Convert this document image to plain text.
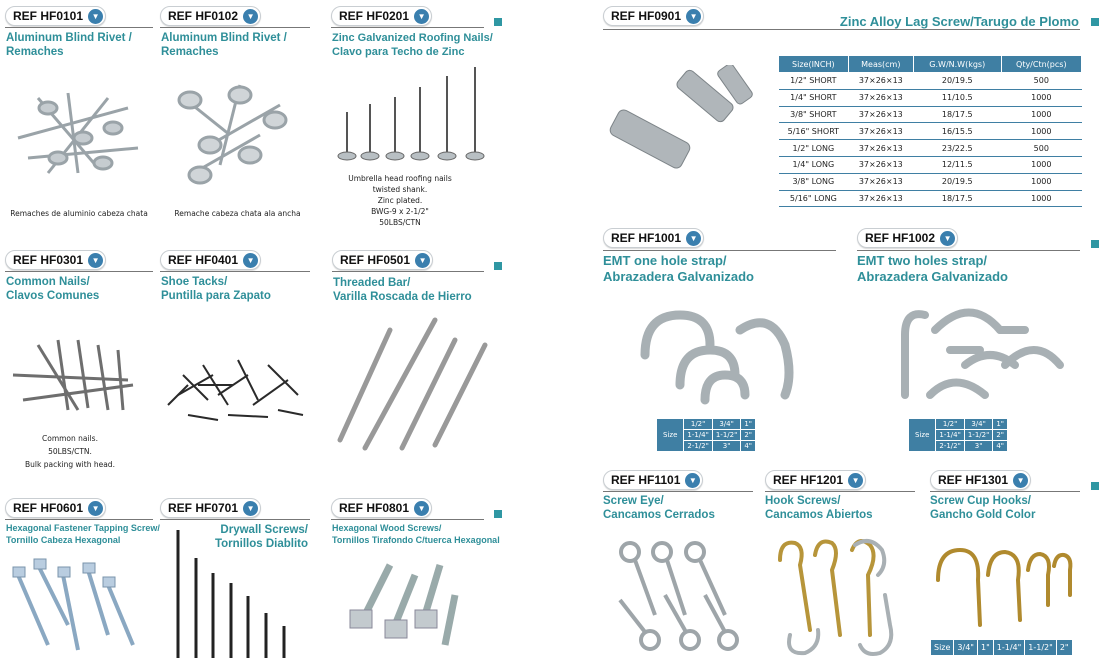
REF HF0101	▼
Aluminum Blind Rivet /
Remaches
Remaches de aluminio cabeza chata
REF HF0102	▼
Aluminum Blind Rivet /
Remaches
Remache cabeza chata ala ancha
REF HF0201	▼
Zinc Galvanized Roofing Nails/
Clavo para Techo de Zinc
Umbrella head roofing nails
twisted shank.
Zinc plated.
BWG-9 x 2-1/2"
50LBS/CTN
REF HF0301	▼
Common Nails/
Clavos Comunes
Common nails.
50LBS/CTN.
Bulk packing with head.
REF HF0401	▼
Shoe Tacks/
Puntilla para Zapato
REF HF0501	▼
Threaded Bar/
Varilla Roscada de Hierro
REF HF0601	▼
Hexagonal Fastener Tapping Screw/
Tornillo Cabeza Hexagonal
REF HF0701	▼
Drywall Screws/
Tornillos Diablito
REF HF0801	▼
Hexagonal Wood Screws/
Tornillos Tirafondo C/tuerca Hexagonal
REF HF0901	▼	Zinc Alloy Lag Screw/Tarugo de Plomo
Size(INCH)	Meas(cm)	G.W/N.W(kgs)	Qty/Ctn(pcs)
1/2" SHORT	37×26×13	20/19.5	500
1/4" SHORT	37×26×13	11/10.5	1000
3/8" SHORT	37×26×13	18/17.5	1000
5/16" SHORT	37×26×13	16/15.5	1000
1/2" LONG	37×26×13	23/22.5	500
1/4" LONG	37×26×13	12/11.5	1000
3/8" LONG	37×26×13	20/19.5	1000
5/16" LONG	37×26×13	18/17.5	1000
REF HF1001	▼
EMT one hole strap/
Abrazadera Galvanizado
Size	1/2"	3/4"	1"
	1-1/4"	1-1/2"	2"
	2-1/2"	3"	4"
REF HF1002	▼
EMT two holes strap/
Abrazadera Galvanizado
Size	1/2"	3/4"	1"
	1-1/4"	1-1/2"	2"
	2-1/2"	3"	4"
REF HF1101	▼
Screw Eye/
Cancamos Cerrados
REF HF1201	▼
Hook Screws/
Cancamos Abiertos
REF HF1301	▼
Screw Cup Hooks/
Gancho Gold Color
Size	3/4"	1"	1-1/4"	1-1/2"	2"
